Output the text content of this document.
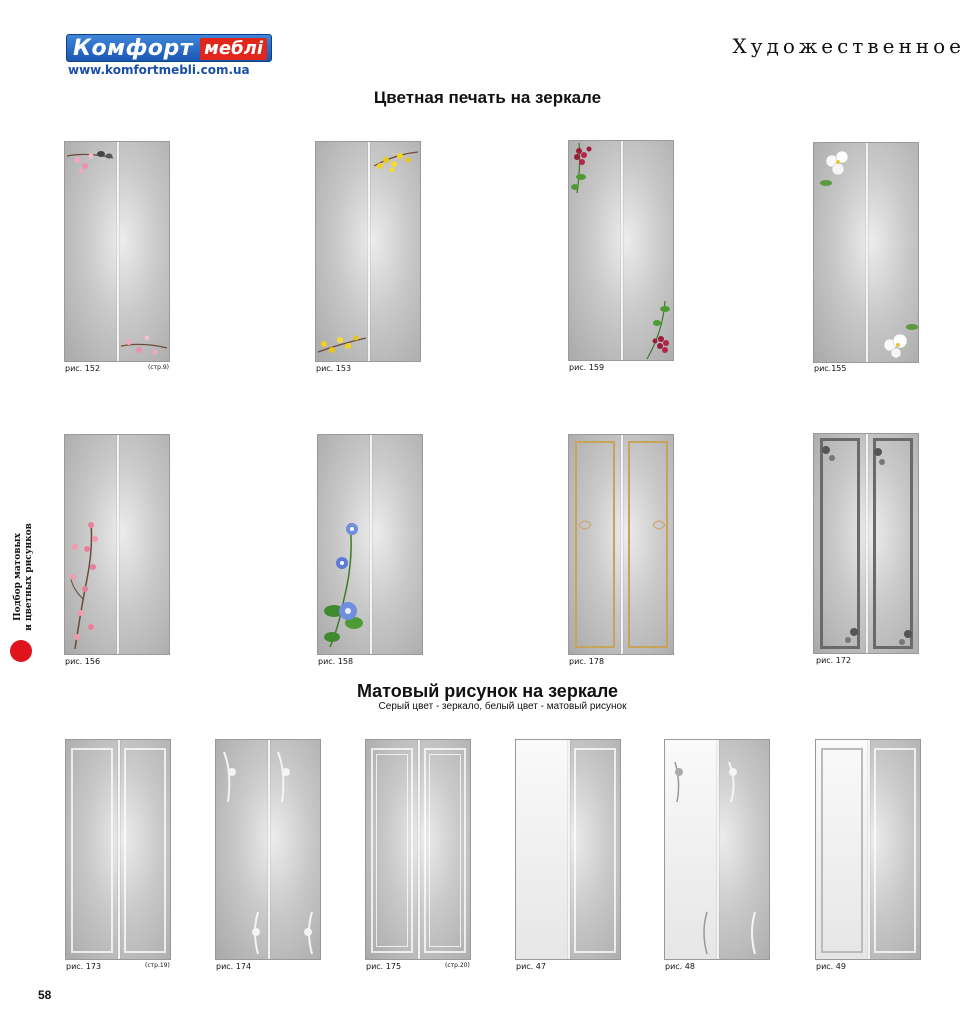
Комфорт меблі
www.komfortmebli.com.ua
Художественное
Цветная печать на зеркале
Матовый рисунок на зеркале
Серый цвет - зеркало, белый цвет - матовый рисунок
Подбор матовых и цветных рисунков
рис. 152	(стр.9)	рис. 153	рис. 159	рис.155
рис. 156	рис. 158	рис. 178	рис. 172
рис. 173	(стр.19)	рис. 174	рис. 175	(стр.20)	рис. 47	рис. 48	рис. 49
58
